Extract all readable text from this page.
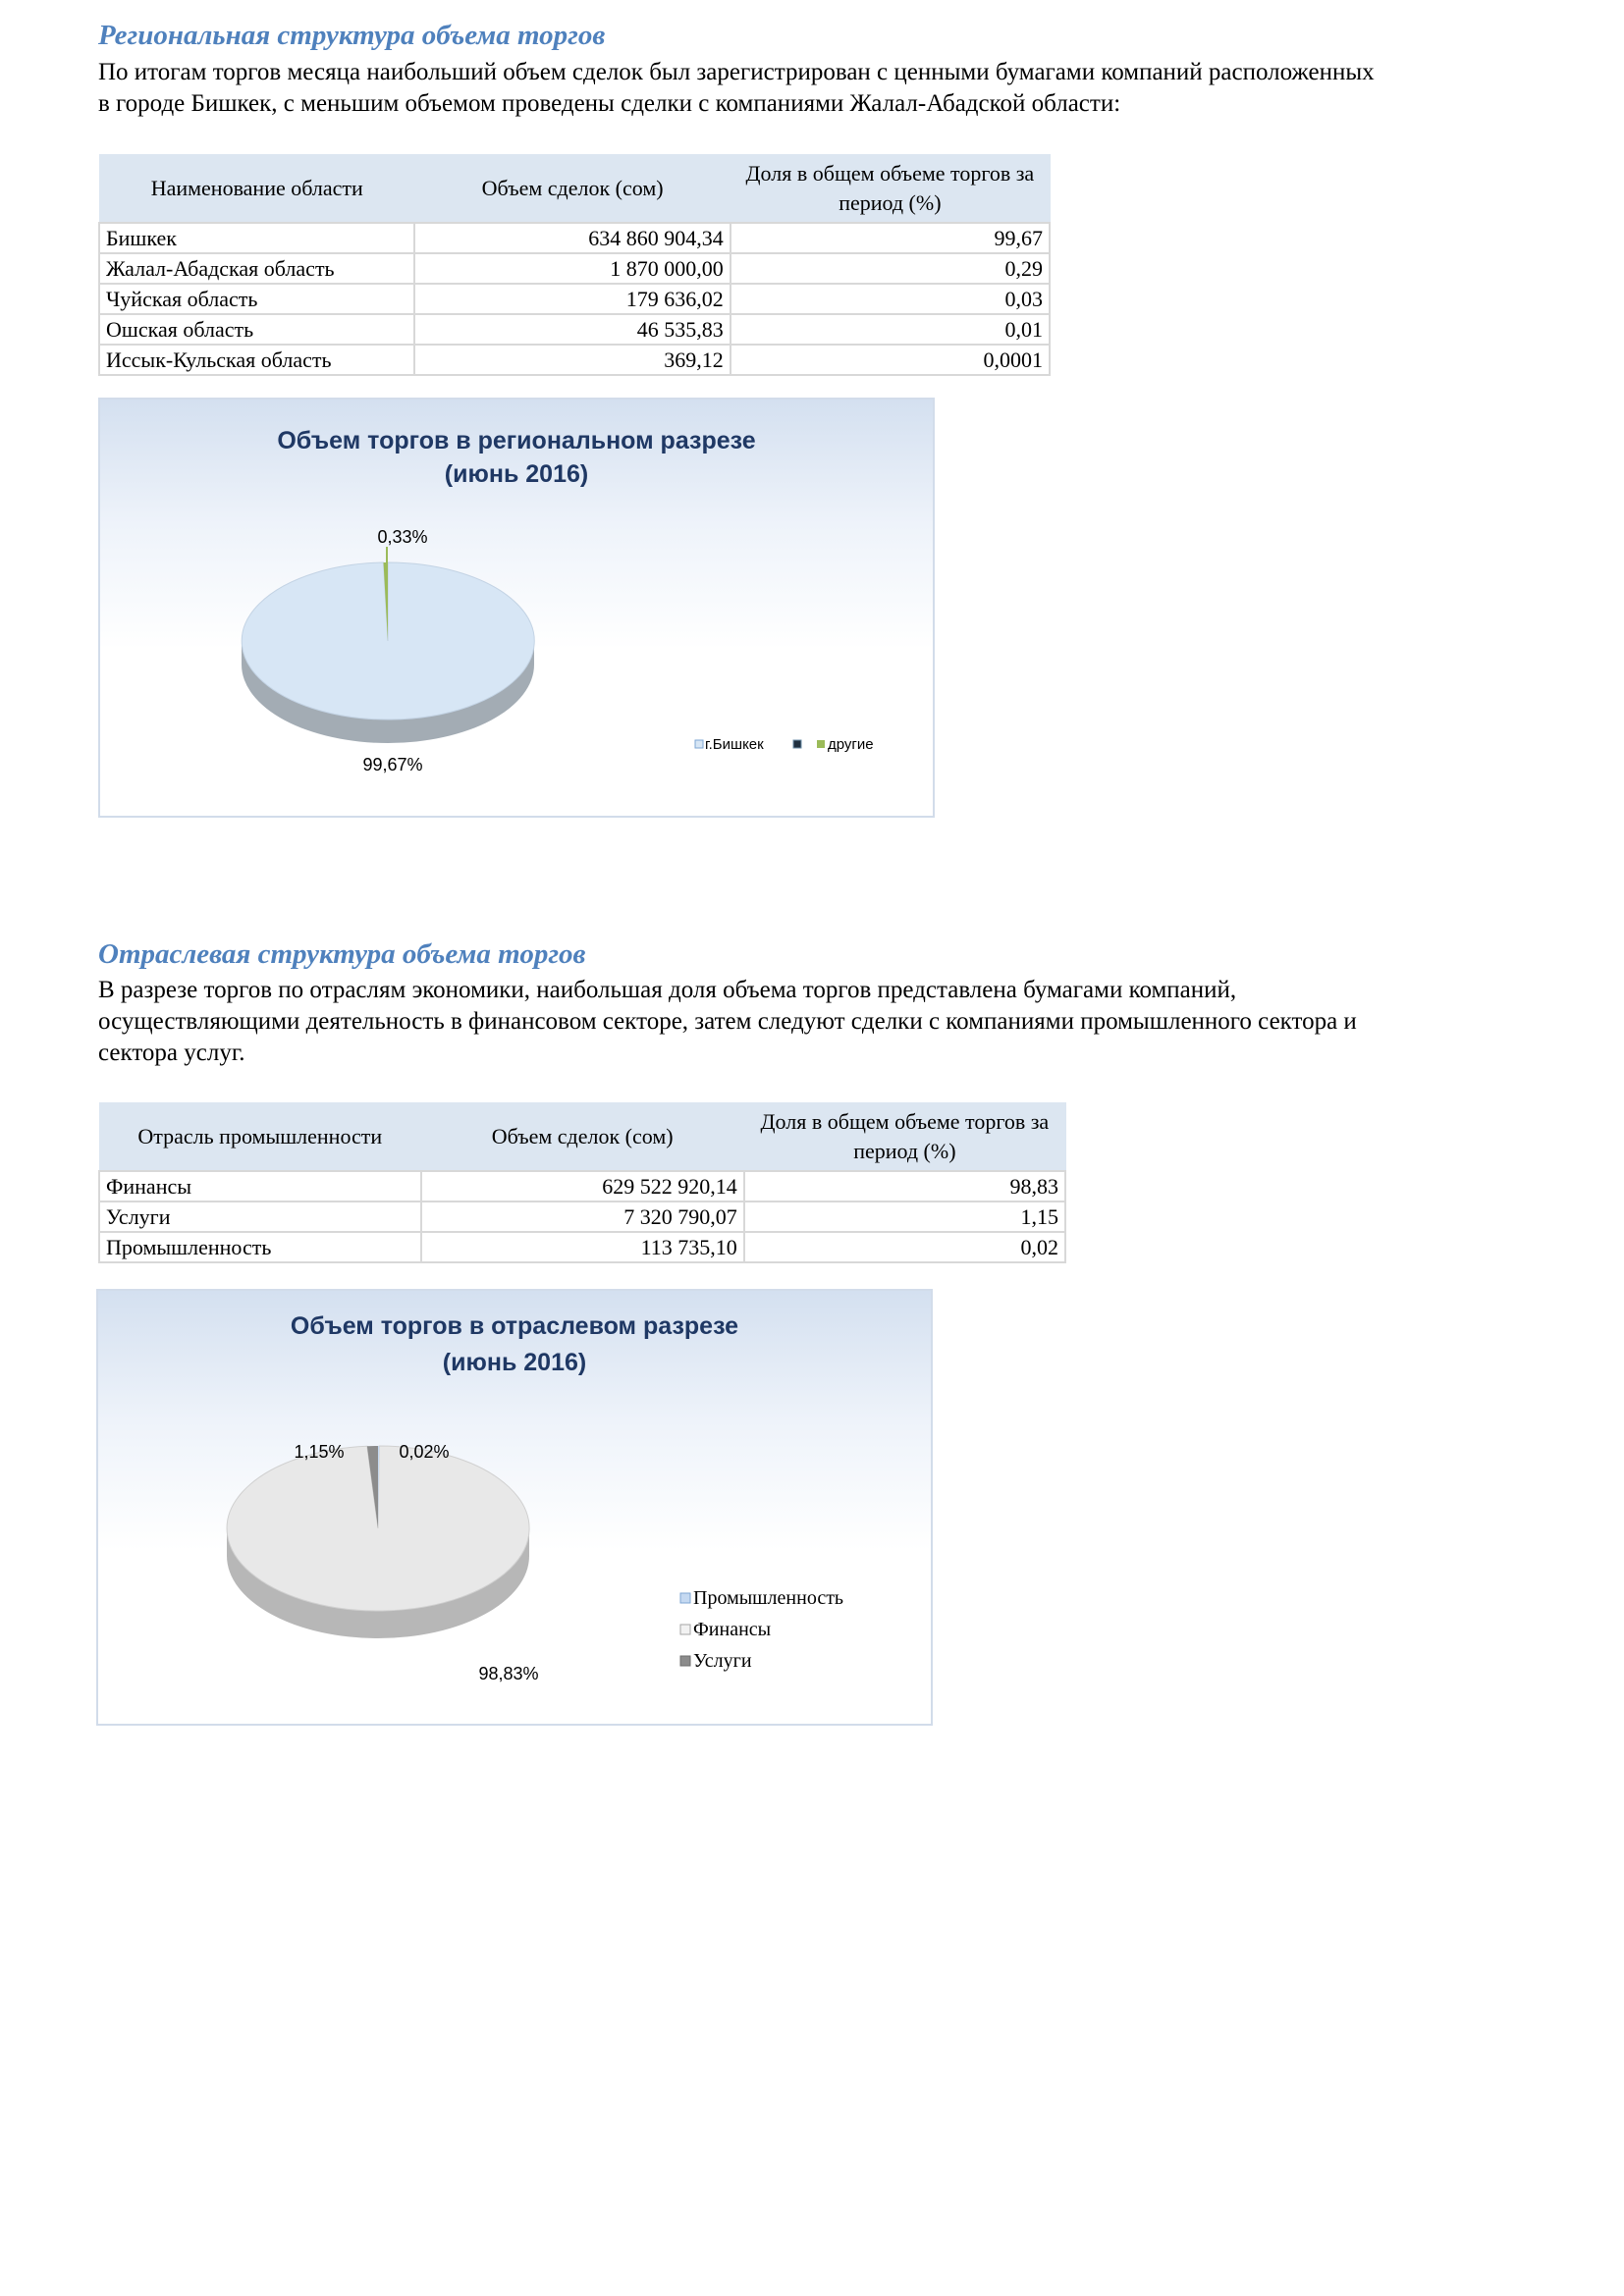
Региональная структура объема торгов

По итогам торгов месяца наибольший объем сделок был зарегистрирован с ценными бумагами компаний расположенных
в городе Бишкек, с меньшим объемом проведены сделки с компаниями Жалал-Абадской области:

Наименование области	Объем сделок (сом)	Доля в общем объеме торгов за период (%)
Бишкек	634 860 904,34	99,67
Жалал-Абадская область	1 870 000,00	0,29
Чуйская область	179 636,02	0,03
Ошская область	46 535,83	0,01
Иссык-Кульская область	369,12	0,0001
Объем торгов в региональном разрезе
(июнь 2016)
0,33%
99,67%
г.Бишкек	другие
Отраслевая структура объема торгов

В разрезе торгов по отраслям экономики, наибольшая доля объема торгов представлена бумагами компаний,
осуществляющими деятельность в финансовом секторе, затем следуют сделки с компаниями промышленного сектора и
сектора услуг.

Отрасль промышленности	Объем сделок (сом)	Доля в общем объеме торгов за период (%)
Финансы	629 522 920,14	98,83
Услуги	7 320 790,07	1,15
Промышленность	113 735,10	0,02
Объем торгов в отраслевом разрезе
(июнь 2016)
1,15%	0,02%
98,83%
Промышленность
Финансы
Услуги
